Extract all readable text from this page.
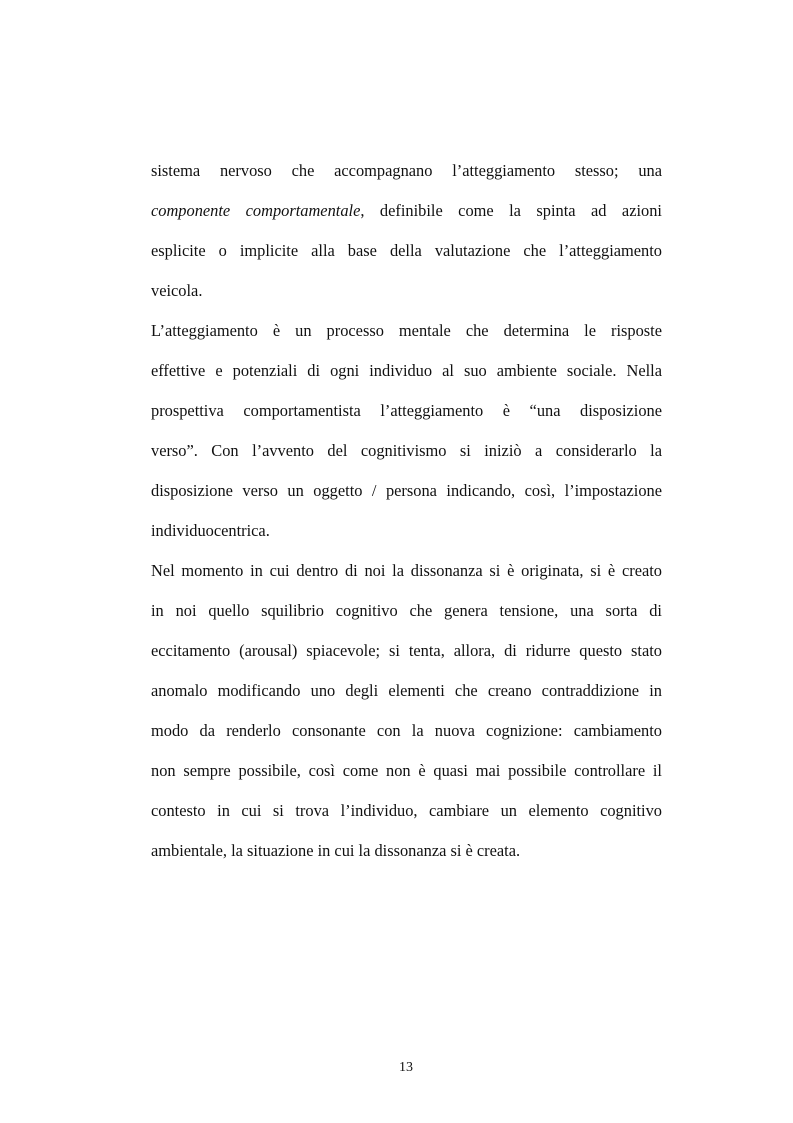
sistema nervoso che accompagnano l’atteggiamento stesso; una
componente comportamentale, definibile come la spinta ad azioni
esplicite o implicite alla base della valutazione che l’atteggiamento
veicola.
L’atteggiamento è un processo mentale che determina le risposte
effettive e potenziali di ogni individuo al suo ambiente sociale. Nella
prospettiva comportamentista l’atteggiamento è “una disposizione
verso”. Con l’avvento del cognitivismo si iniziò a considerarlo la
disposizione verso un oggetto / persona indicando, così, l’impostazione
individuocentrica.
Nel momento in cui dentro di noi la dissonanza si è originata, si è creato
in noi quello squilibrio cognitivo che genera tensione, una sorta di
eccitamento (arousal) spiacevole; si tenta, allora, di ridurre questo stato
anomalo modificando uno degli elementi che creano contraddizione in
modo da renderlo consonante con la nuova cognizione: cambiamento
non sempre possibile, così come non è quasi mai possibile controllare il
contesto in cui si trova l’individuo, cambiare un elemento cognitivo
ambientale, la situazione in cui la dissonanza si è creata.
13
